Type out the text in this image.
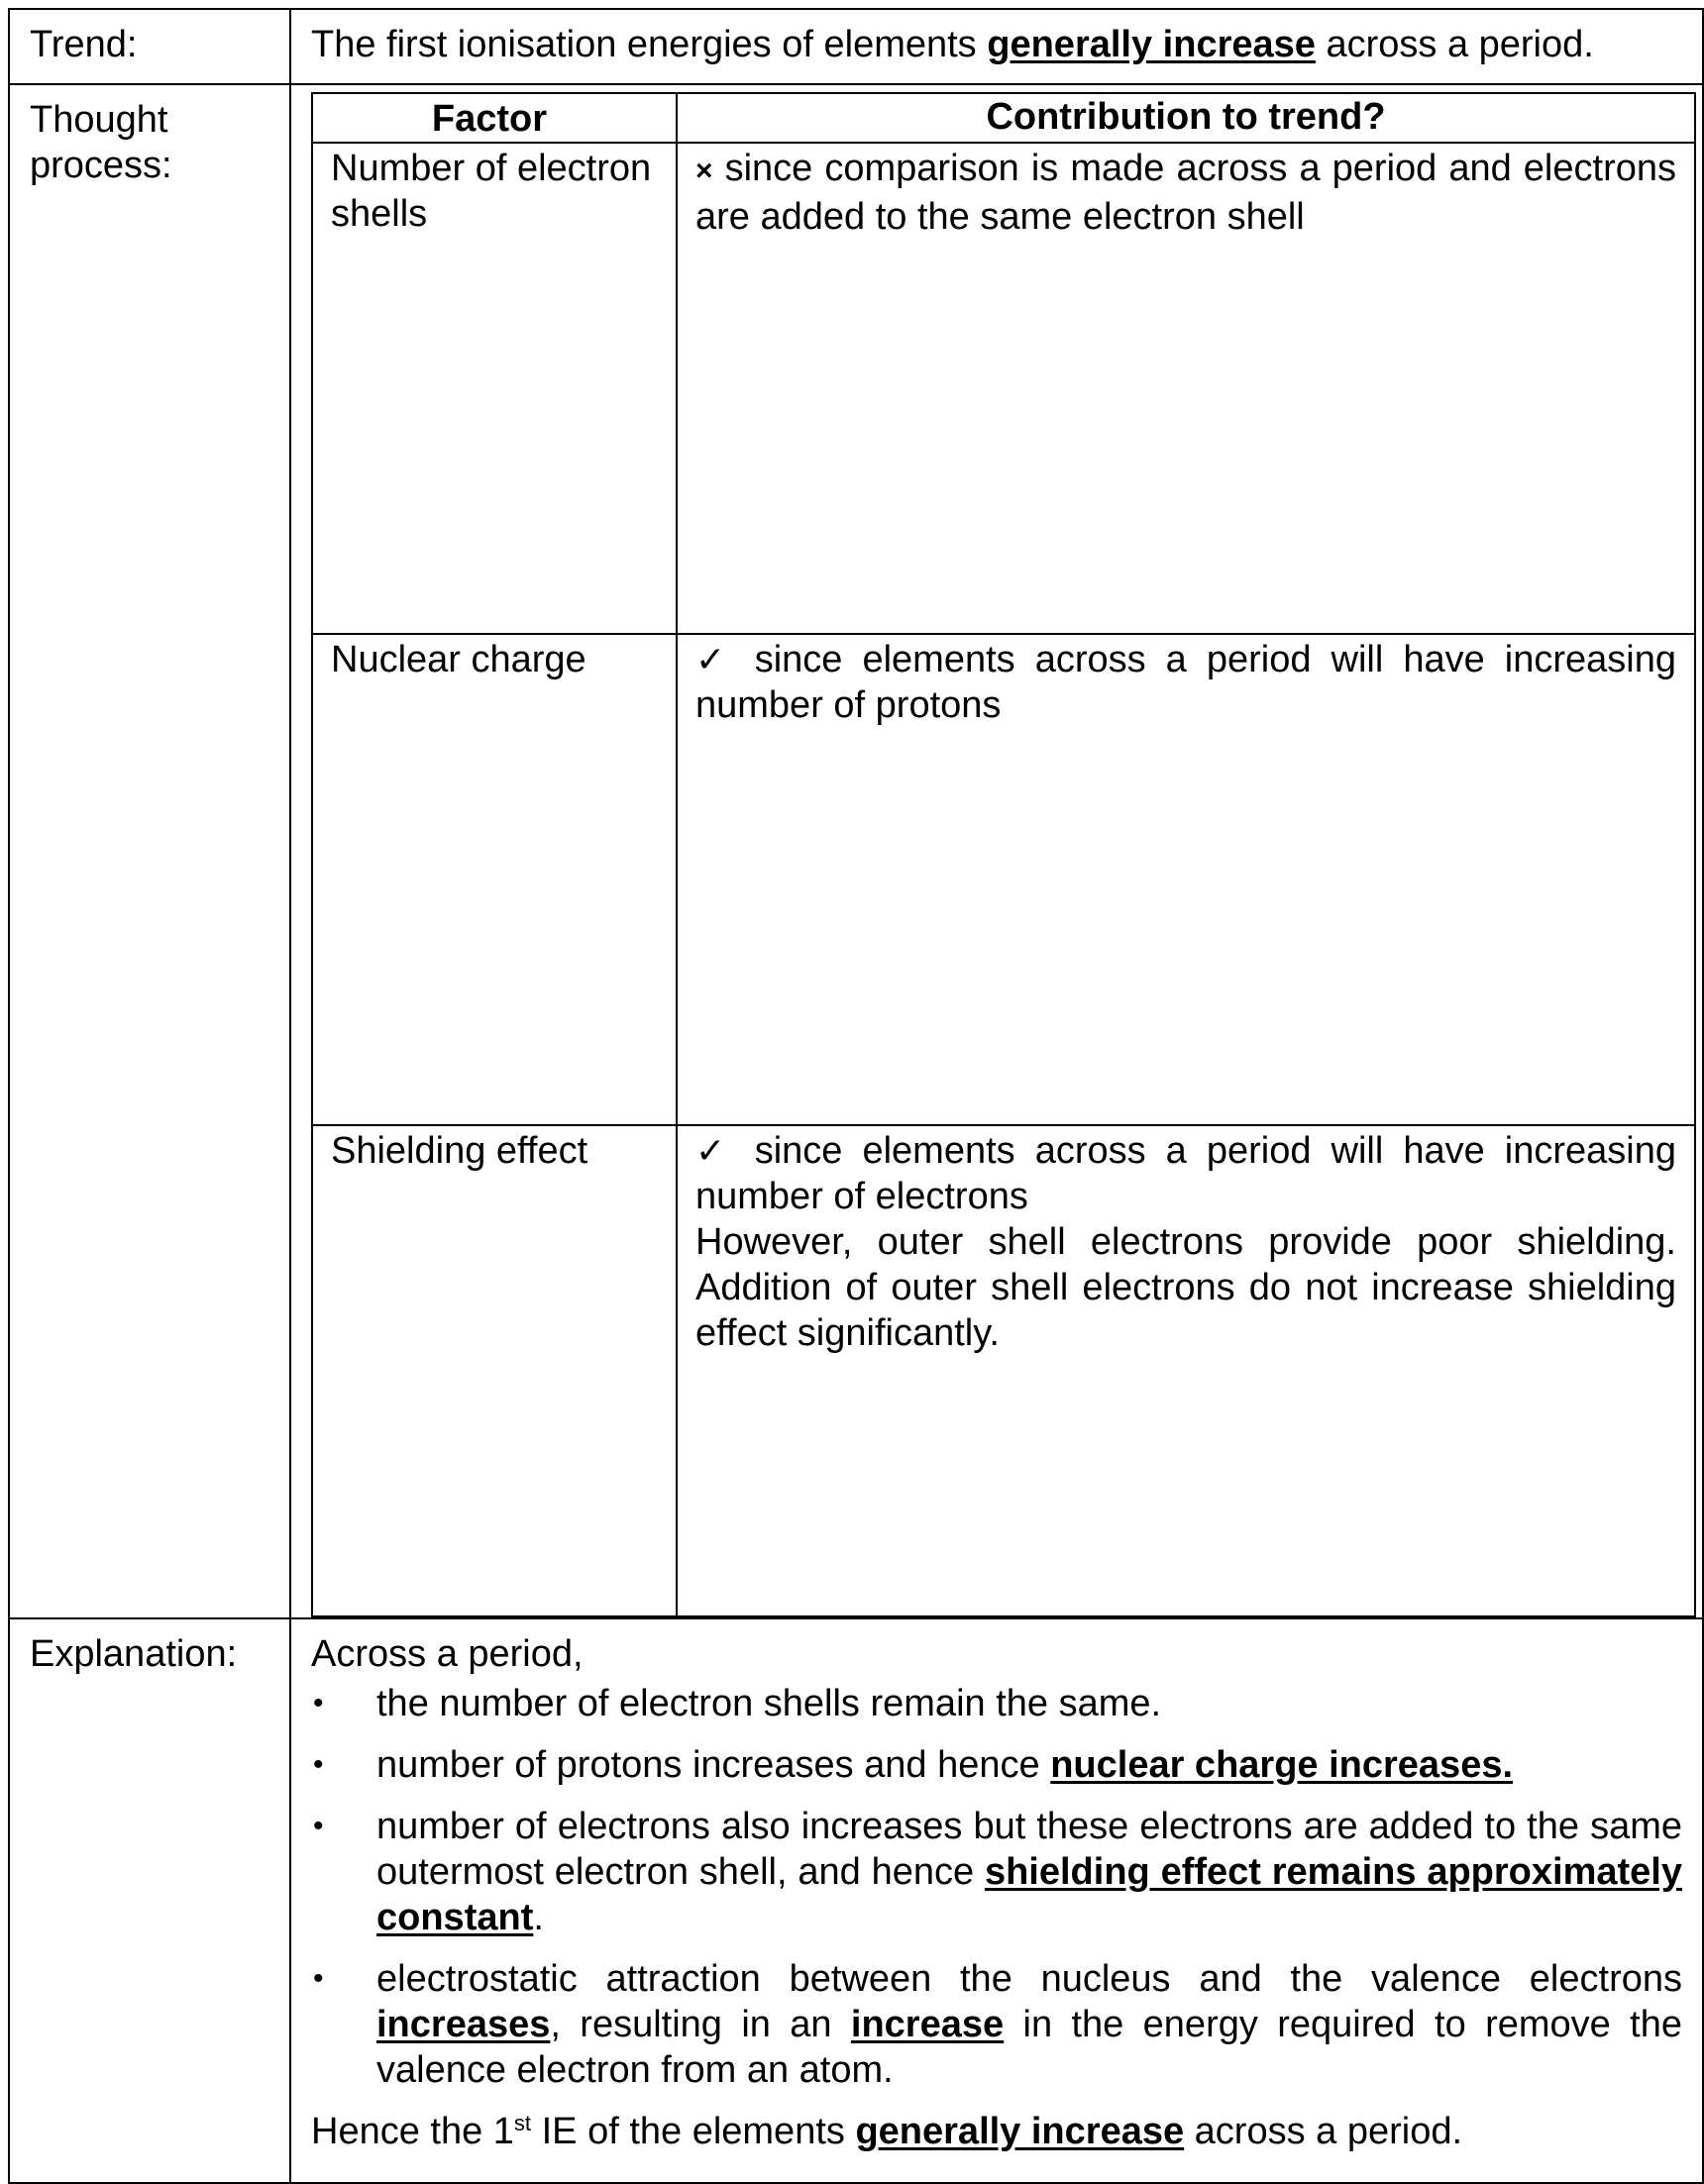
Trend:	The first ionisation energies of elements generally increase across a period.

Thought
process:

Factor	Contribution to trend?
Number of electron shells	× since comparison is made across a period and electrons are added to the same electron shell
Nuclear charge	✓ since elements across a period will have increasing number of protons
Shielding effect	✓ since elements across a period will have increasing number of electrons
However, outer shell electrons provide poor shielding. Addition of outer shell electrons do not increase shielding effect significantly.

Explanation:	Across a period,

• the number of electron shells remain the same.
• number of protons increases and hence nuclear charge increases.
• number of electrons also increases but these electrons are added to the same outermost electron shell, and hence shielding effect remains approximately constant.
• electrostatic attraction between the nucleus and the valence electrons increases, resulting in an increase in the energy required to remove the valence electron from an atom.

Hence the 1st IE of the elements generally increase across a period.
